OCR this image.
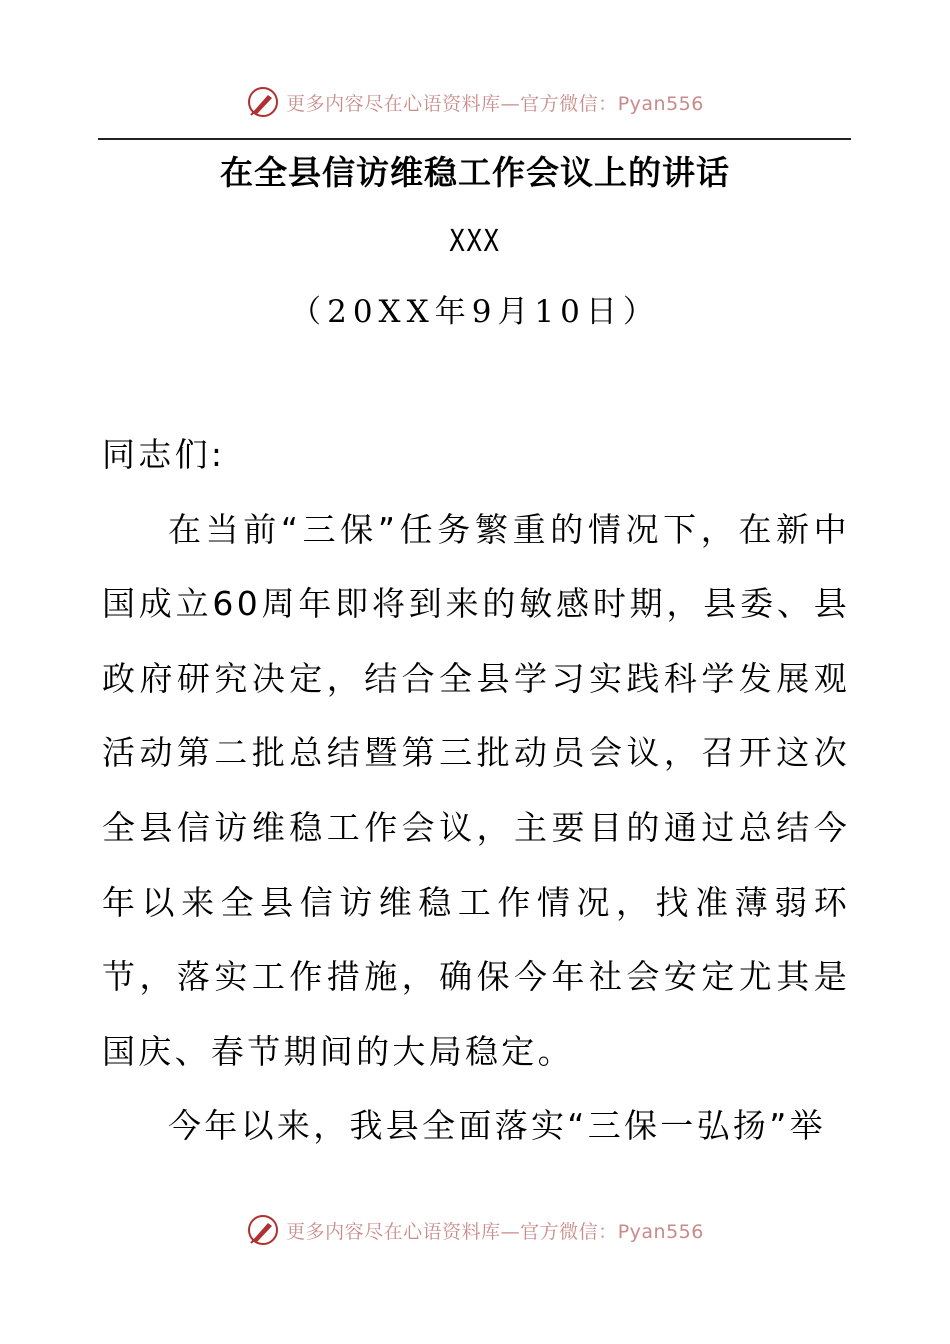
更多内容尽在心语资料库—官方微信：Pyan556
在全县信访维稳工作会议上的讲话
XXX
（20XX年9月10日）

同志们:

在当前“三保”任务繁重的情况下，在新中国成立60周年即将到来的敏感时期，县委、县政府研究决定，结合全县学习实践科学发展观活动第二批总结暨第三批动员会议，召开这次全县信访维稳工作会议，主要目的通过总结今年以来全县信访维稳工作情况，找准薄弱环节，落实工作措施，确保今年社会安定尤其是国庆、春节期间的大局稳定。

今年以来，我县全面落实“三保一弘扬”举

更多内容尽在心语资料库—官方微信：Pyan556
